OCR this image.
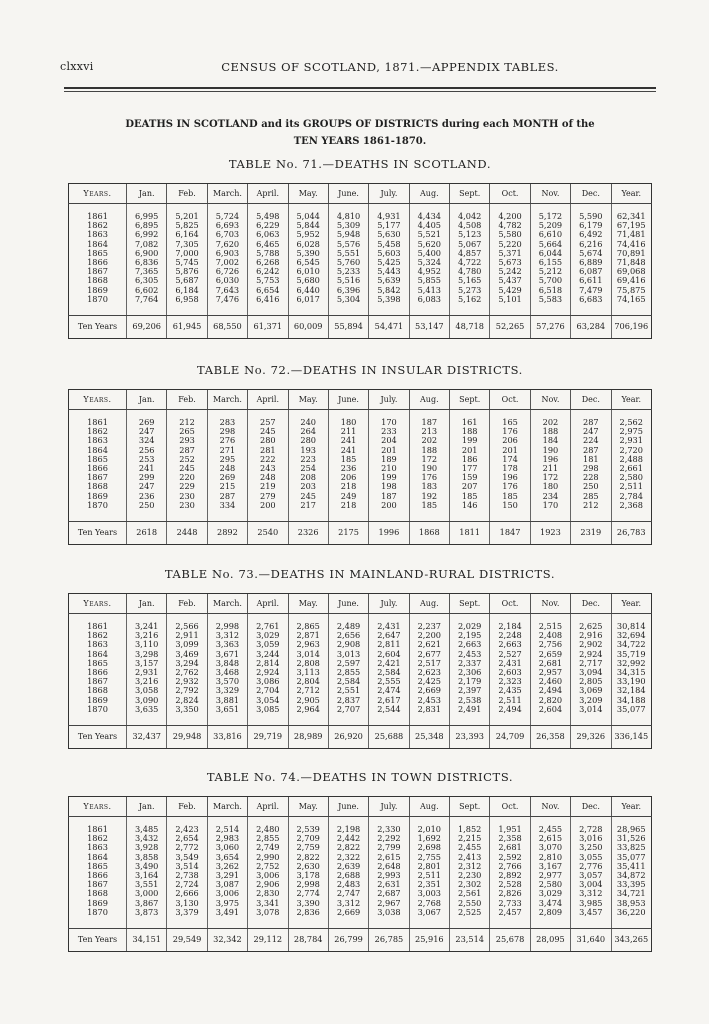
clxxvi	CENSUS OF SCOTLAND, 1871.—APPENDIX TABLES.
DEATHS IN SCOTLAND and its GROUPS OF DISTRICTS during each MONTH of the
TEN YEARS 1861-1870.
TABLE No. 71.—DEATHS IN SCOTLAND.
Years.	Jan.	Feb.	March.	April.	May.	June.	July.	Aug.	Sept.	Oct.	Nov.	Dec.	Year.

1861	6,995	5,201	5,724	5,498	5,044	4,810	4,931	4,434	4,042	4,200	5,172	5,590	62,341
1862	6,895	5,825	6,693	6,229	5,844	5,309	5,177	4,405	4,508	4,782	5,209	6,179	67,195
1863	6,992	6,164	6,703	6,063	5,952	5,948	5,630	5,521	5,123	5,580	6,610	6,492	71,481
1864	7,082	7,305	7,620	6,465	6,028	5,576	5,458	5,620	5,067	5,220	5,664	6,216	74,416
1865	6,900	7,000	6,903	5,788	5,390	5,551	5,603	5,400	4,857	5,371	6,044	5,674	70,891
1866	6,836	5,745	7,002	6,268	6,545	5,760	5,425	5,324	4,722	5,673	6,155	6,889	71,848
1867	7,365	5,876	6,726	6,242	6,010	5,233	5,443	4,952	4,780	5,242	5,212	6,087	69,068
1868	6,305	5,687	6,030	5,753	5,680	5,516	5,639	5,855	5,165	5,437	5,700	6,611	69,416
1869	6,602	6,184	7,643	6,654	6,440	6,396	5,842	5,413	5,273	5,429	6,518	7,479	75,875
1870	7,764	6,958	7,476	6,416	6,017	5,304	5,398	6,083	5,162	5,101	5,583	6,683	74,165

Ten Years	69,206	61,945	68,550	61,371	60,009	55,894	54,471	53,147	48,718	52,265	57,276	63,284	706,196
TABLE No. 72.—DEATHS IN INSULAR DISTRICTS.
Years.	Jan.	Feb.	March.	April.	May.	June.	July.	Aug.	Sept.	Oct.	Nov.	Dec.	Year.

1861	269	212	283	257	240	180	170	187	161	165	202	287	2,562
1862	247	265	298	245	264	211	233	213	188	176	188	247	2,975
1863	324	293	276	280	280	241	204	202	199	206	184	224	2,931
1864	256	287	271	281	193	241	201	188	201	201	190	287	2,720
1865	253	252	295	222	223	185	189	172	186	174	196	181	2,488
1866	241	245	248	243	254	236	210	190	177	178	211	298	2,661
1867	299	220	269	248	208	206	199	176	159	196	172	228	2,580
1868	247	229	215	219	203	218	198	183	207	176	180	250	2,511
1869	236	230	287	279	245	249	187	192	185	185	234	285	2,784
1870	250	230	334	200	217	218	200	185	146	150	170	212	2,368

Ten Years	2618	2448	2892	2540	2326	2175	1996	1868	1811	1847	1923	2319	26,783
TABLE No. 73.—DEATHS IN MAINLAND-RURAL DISTRICTS.
Years.	Jan.	Feb.	March.	April.	May.	June.	July.	Aug.	Sept.	Oct.	Nov.	Dec.	Year.

1861	3,241	2,566	2,998	2,761	2,865	2,489	2,431	2,237	2,029	2,184	2,515	2,625	30,814
1862	3,216	2,911	3,312	3,029	2,871	2,656	2,647	2,200	2,195	2,248	2,408	2,916	32,694
1863	3,110	3,099	3,363	3,059	2,963	2,908	2,811	2,621	2,663	2,663	2,756	2,902	34,722
1864	3,298	3,469	3,671	3,244	3,014	3,013	2,604	2,677	2,453	2,527	2,659	2,924	35,719
1865	3,157	3,294	3,848	2,814	2,808	2,597	2,421	2,517	2,337	2,431	2,681	2,717	32,992
1866	2,931	2,762	3,468	2,924	3,113	2,855	2,584	2,623	2,306	2,603	2,957	3,094	34,315
1867	3,216	2,932	3,570	3,086	2,804	2,584	2,555	2,425	2,179	2,323	2,460	2,805	33,190
1868	3,058	2,792	3,329	2,704	2,712	2,551	2,474	2,669	2,397	2,435	2,494	3,069	32,184
1869	3,090	2,824	3,881	3,054	2,905	2,837	2,617	2,453	2,538	2,511	2,820	3,209	34,188
1870	3,635	3,350	3,651	3,085	2,964	2,707	2,544	2,831	2,491	2,494	2,604	3,014	35,077

Ten Years	32,437	29,948	33,816	29,719	28,989	26,920	25,688	25,348	23,393	24,709	26,358	29,326	336,145
TABLE No. 74.—DEATHS IN TOWN DISTRICTS.
Years.	Jan.	Feb.	March.	April.	May.	June.	July.	Aug.	Sept.	Oct.	Nov.	Dec.	Year.

1861	3,485	2,423	2,514	2,480	2,539	2,198	2,330	2,010	1,852	1,951	2,455	2,728	28,965
1862	3,432	2,654	2,983	2,855	2,709	2,442	2,292	1,692	2,215	2,358	2,615	3,016	31,526
1863	3,928	2,772	3,060	2,749	2,759	2,822	2,799	2,698	2,455	2,681	3,070	3,250	33,825
1864	3,858	3,549	3,654	2,990	2,822	2,322	2,615	2,755	2,413	2,592	2,810	3,055	35,077
1865	3,490	3,514	3,262	2,752	2,630	2,639	2,648	2,801	2,312	2,766	3,167	2,776	35,411
1866	3,164	2,738	3,291	3,006	3,178	2,688	2,993	2,511	2,230	2,892	2,977	3,057	34,872
1867	3,551	2,724	3,087	2,906	2,998	2,483	2,631	2,351	2,302	2,528	2,580	3,004	33,395
1868	3,000	2,666	3,006	2,830	2,774	2,747	2,687	3,003	2,561	2,826	3,029	3,312	34,721
1869	3,867	3,130	3,975	3,341	3,390	3,312	2,967	2,768	2,550	2,733	3,474	3,985	38,953
1870	3,873	3,379	3,491	3,078	2,836	2,669	3,038	3,067	2,525	2,457	2,809	3,457	36,220

Ten Years	34,151	29,549	32,342	29,112	28,784	26,799	26,785	25,916	23,514	25,678	28,095	31,640	343,265
